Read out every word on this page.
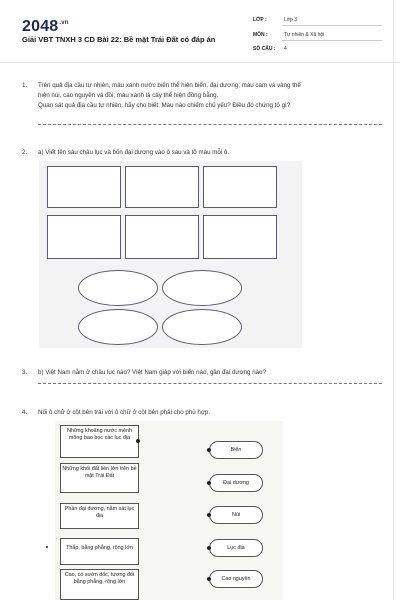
$2048^{.vn}$
Giải VBT TNXH 3 CD Bài 22: Bề mặt Trái Đất có đáp án
LỚP :	Lớp 3
MÔN :	Tự nhiên & Xã hội
SỐ CÂU : 4
1. Trên quả địa cầu tự nhiên, màu xanh nước biển thể hiện biển, đại dương; màu cam và vàng thể
hiện núi, cao nguyên và đồi; màu xanh lá cây thể hiện đồng bằng.
Quan sát quả địa cầu tự nhiên, hãy cho biết: Màu nào chiếm chủ yếu? Điều đó chứng tỏ gì?
2. a) Viết tên sáu châu lục và bốn đại dương vào ô sau và tô màu mỗi ô.
3. b) Việt Nam nằm ở châu lục nào? Việt Nam giáp với biển nào, gần đại dương nào?
4. Nối ô chữ ở cột bên trái với ô chữ ở cột bên phải cho phù hợp.
Những khoảng nước mênh mông bao bọc các lục địa
Những khối đất liền lớn trên bề mặt Trái Đất
Phần đại dương, nằm sát lục địa
Thấp, bằng phẳng, rộng lớn
Cao, có sườn dốc, tương đối bằng phẳng, rộng lớn
Biển
Đại dương
Núi
Lục địa
Cao nguyên
